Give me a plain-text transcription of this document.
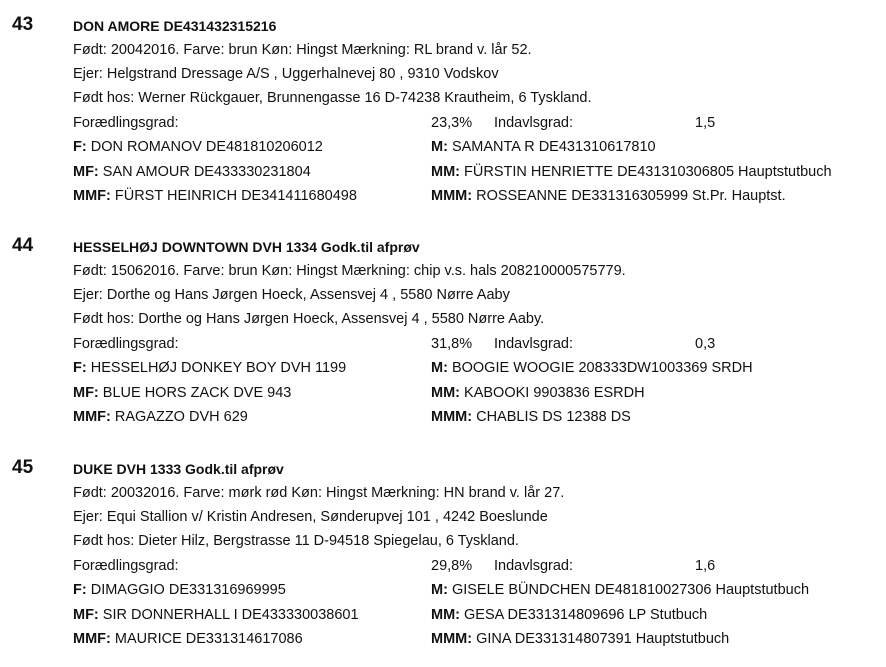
43	DON AMORE DE431432315216
Født: 20042016. Farve: brun Køn: Hingst Mærkning: RL brand v. lår 52.
Ejer: Helgstrand Dressage A/S , Uggerhalnevej 80 , 9310 Vodskov
Født hos: Werner Rückgauer, Brunnengasse 16 D-74238 Krautheim, 6 Tyskland.
Forædlingsgrad:	23,3% Indavlsgrad:	1,5
F: DON ROMANOV DE481810206012	M: SAMANTA R DE431310617810
MF: SAN AMOUR DE433330231804	MM: FÜRSTIN HENRIETTE DE431310306805 Hauptstutbuch
MMF: FÜRST HEINRICH DE341411680498	MMM: ROSSEANNE DE331316305999 St.Pr. Hauptst.
44	HESSELHØJ DOWNTOWN DVH 1334 Godk.til afprøv
Født: 15062016. Farve: brun Køn: Hingst Mærkning: chip v.s. hals 208210000575779.
Ejer: Dorthe og Hans Jørgen Hoeck, Assensvej 4 , 5580 Nørre Aaby
Født hos: Dorthe og Hans Jørgen Hoeck, Assensvej 4 , 5580 Nørre Aaby.
Forædlingsgrad:	31,8% Indavlsgrad:	0,3
F: HESSELHØJ DONKEY BOY DVH 1199	M: BOOGIE WOOGIE 208333DW1003369 SRDH
MF: BLUE HORS ZACK DVE 943	MM: KABOOKI 9903836 ESRDH
MMF: RAGAZZO DVH 629	MMM: CHABLIS DS 12388 DS
45	DUKE DVH 1333 Godk.til afprøv
Født: 20032016. Farve: mørk rød Køn: Hingst Mærkning: HN brand v. lår 27.
Ejer: Equi Stallion v/ Kristin Andresen, Sønderupvej 101 , 4242 Boeslunde
Født hos: Dieter Hilz, Bergstrasse 11 D-94518 Spiegelau, 6 Tyskland.
Forædlingsgrad:	29,8% Indavlsgrad:	1,6
F: DIMAGGIO DE331316969995	M: GISELE BÜNDCHEN DE481810027306 Hauptstutbuch
MF: SIR DONNERHALL I DE433330038601	MM: GESA DE331314809696 LP Stutbuch
MMF: MAURICE DE331314617086	MMM: GINA DE331314807391 Hauptstutbuch
